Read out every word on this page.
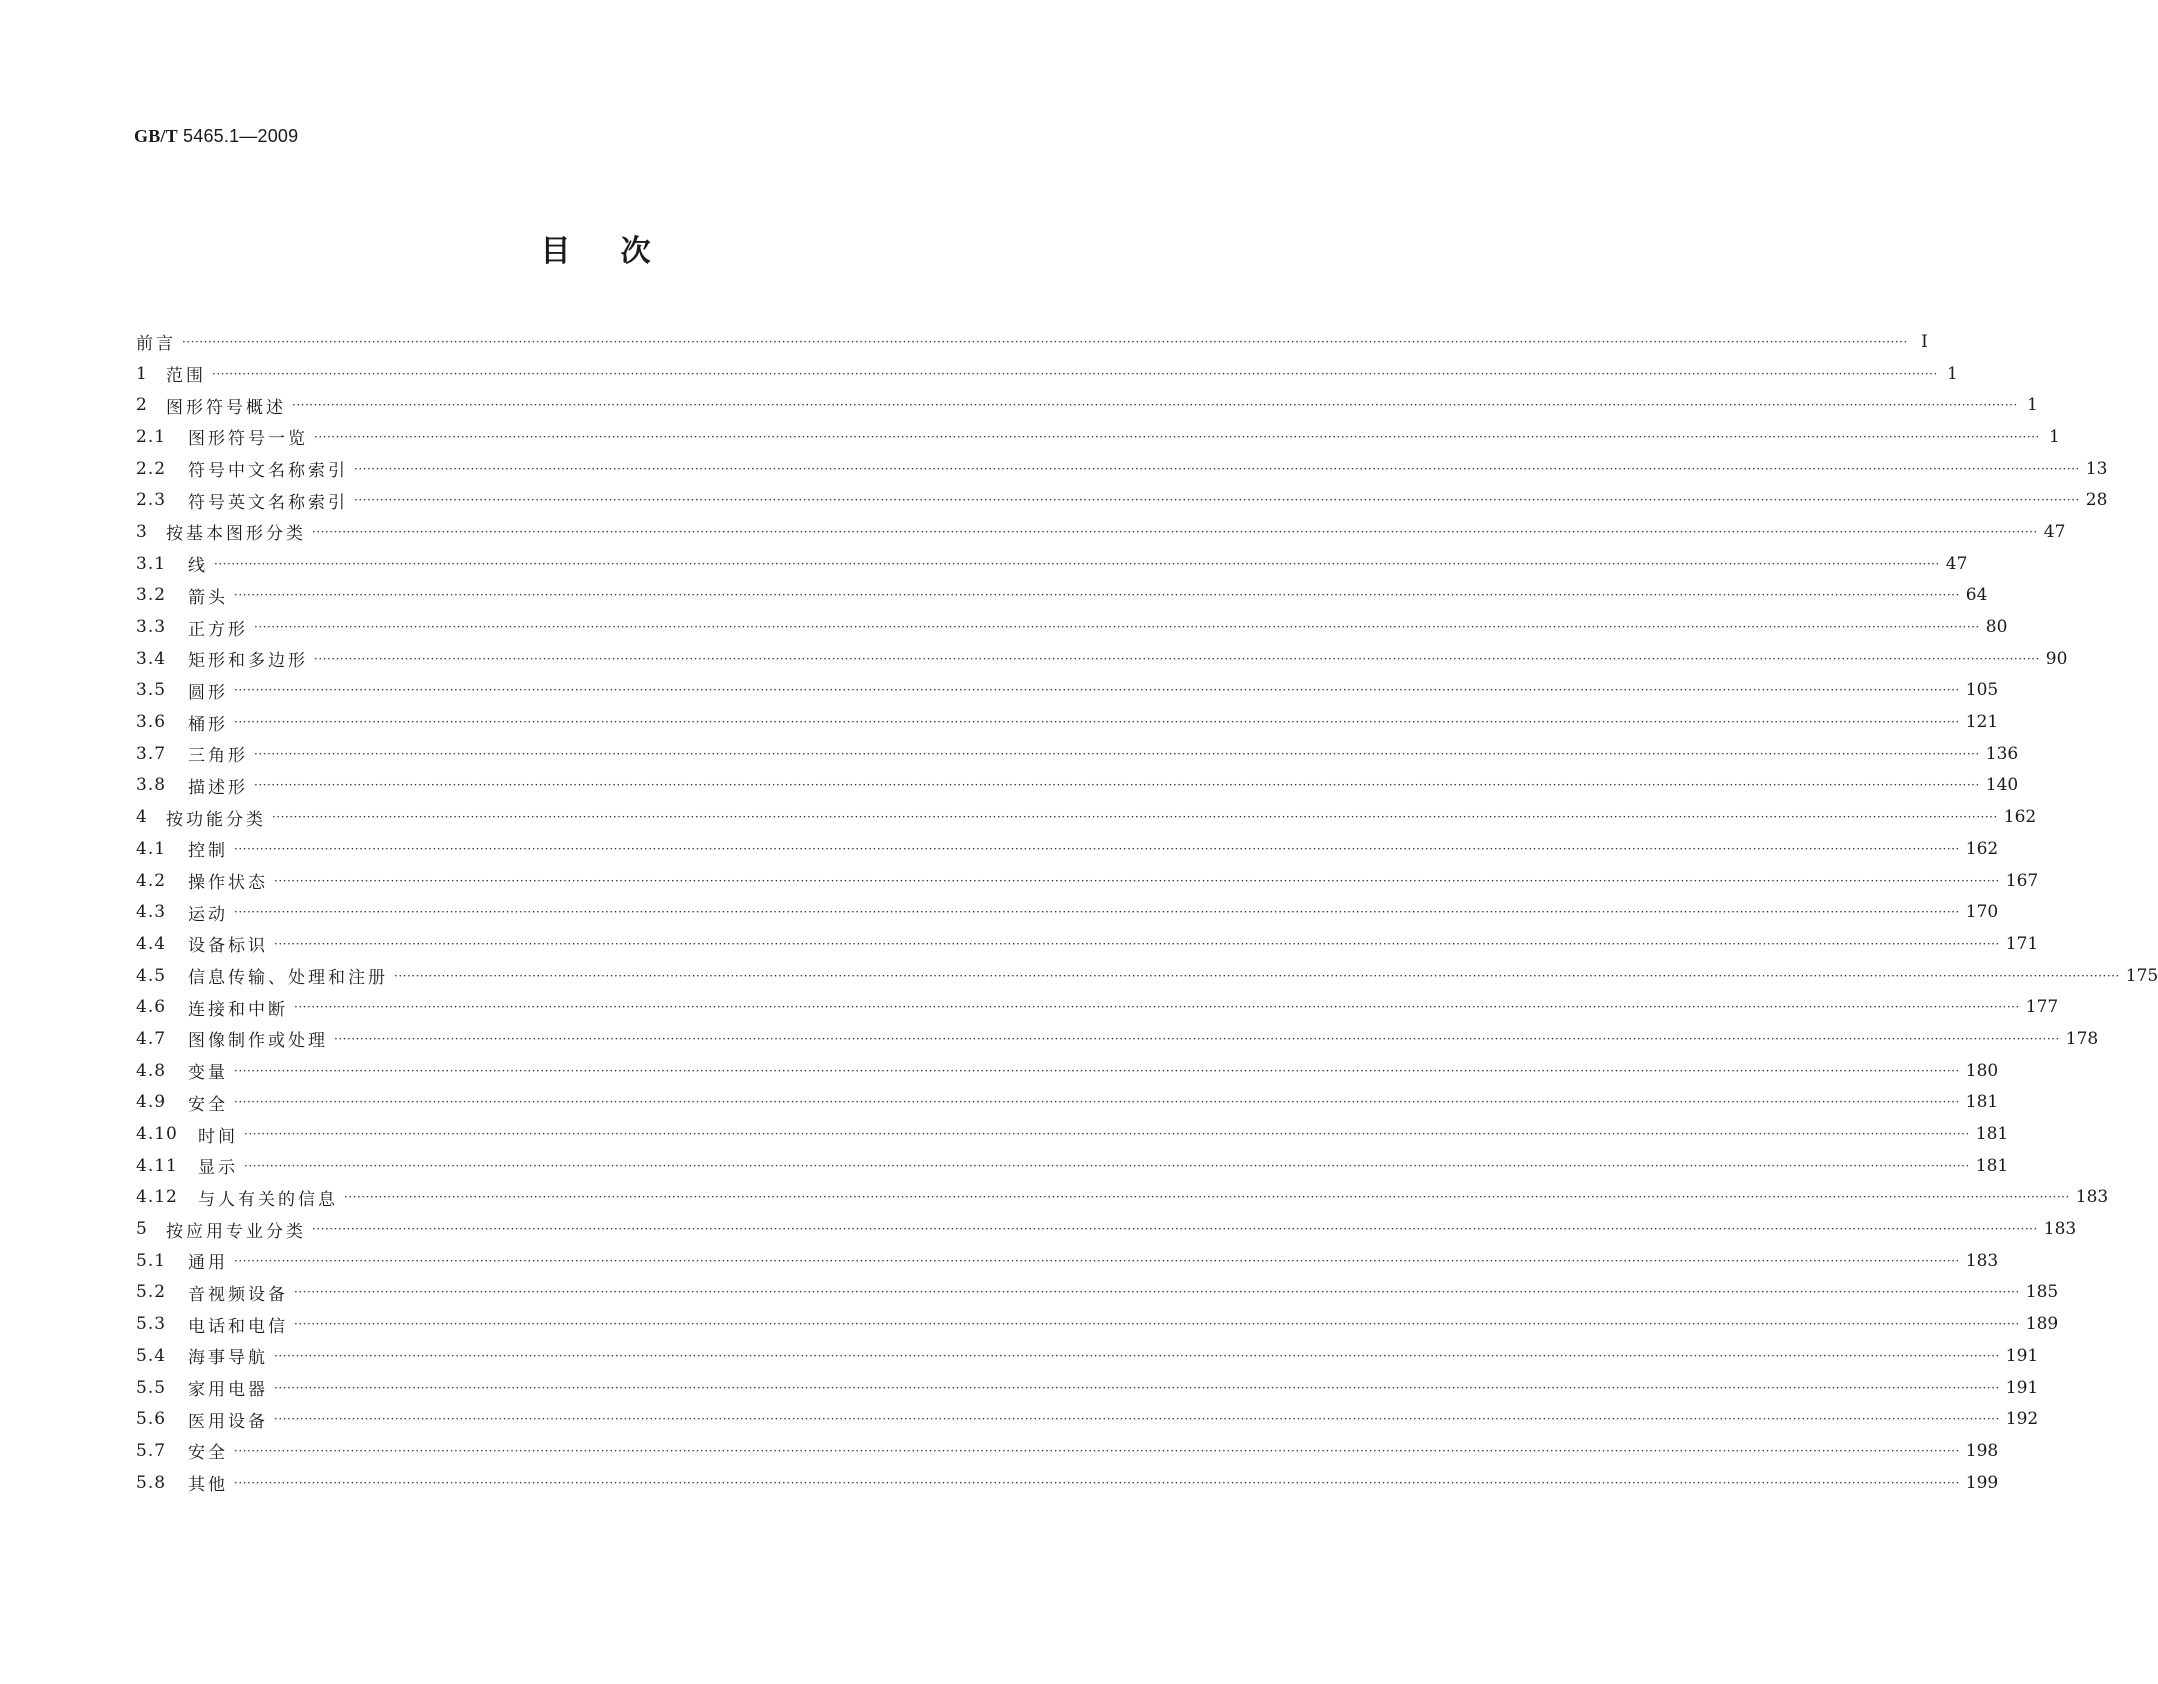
GB/T 5465.1—2009
目次
前言 ················································································································································································································································································································································································································ I
1	范围 ················································································································································································································································································································································································································ 1
2	图形符号概述 ················································································································································································································································································································································································································ 1
2.1	图形符号一览 ················································································································································································································································································································································································································ 1
2.2	符号中文名称索引 ················································································································································································································································································································································································································ 13
2.3	符号英文名称索引 ················································································································································································································································································································································································································ 28
3	按基本图形分类 ················································································································································································································································································································································································································ 47
3.1	线 ················································································································································································································································································································································································································ 47
3.2	箭头 ················································································································································································································································································································································································································ 64
3.3	正方形 ················································································································································································································································································································································································································ 80
3.4	矩形和多边形 ················································································································································································································································································································································································································ 90
3.5	圆形 ················································································································································································································································································································································································································ 105
3.6	桶形 ················································································································································································································································································································································································································ 121
3.7	三角形 ················································································································································································································································································································································································································ 136
3.8	描述形 ················································································································································································································································································································································································································ 140
4	按功能分类 ················································································································································································································································································································································································································ 162
4.1	控制 ················································································································································································································································································································································································································ 162
4.2	操作状态 ················································································································································································································································································································································································································ 167
4.3	运动 ················································································································································································································································································································································································································ 170
4.4	设备标识 ················································································································································································································································································································································································································ 171
4.5	信息传输、处理和注册 ················································································································································································································································································································································································································ 175
4.6	连接和中断 ················································································································································································································································································································································································································ 177
4.7	图像制作或处理 ················································································································································································································································································································································································································ 178
4.8	变量 ················································································································································································································································································································································································································ 180
4.9	安全 ················································································································································································································································································································································································································ 181
4.10	时间 ················································································································································································································································································································································································································ 181
4.11	显示 ················································································································································································································································································································································································································ 181
4.12	与人有关的信息 ················································································································································································································································································································································································································ 183
5	按应用专业分类 ················································································································································································································································································································································································································ 183
5.1	通用 ················································································································································································································································································································································································································ 183
5.2	音视频设备 ················································································································································································································································································································································································································ 185
5.3	电话和电信 ················································································································································································································································································································································································································ 189
5.4	海事导航 ················································································································································································································································································································································································································ 191
5.5	家用电器 ················································································································································································································································································································································································································ 191
5.6	医用设备 ················································································································································································································································································································································································································ 192
5.7	安全 ················································································································································································································································································································································································································ 198
5.8	其他 ················································································································································································································································································································································································································ 199
